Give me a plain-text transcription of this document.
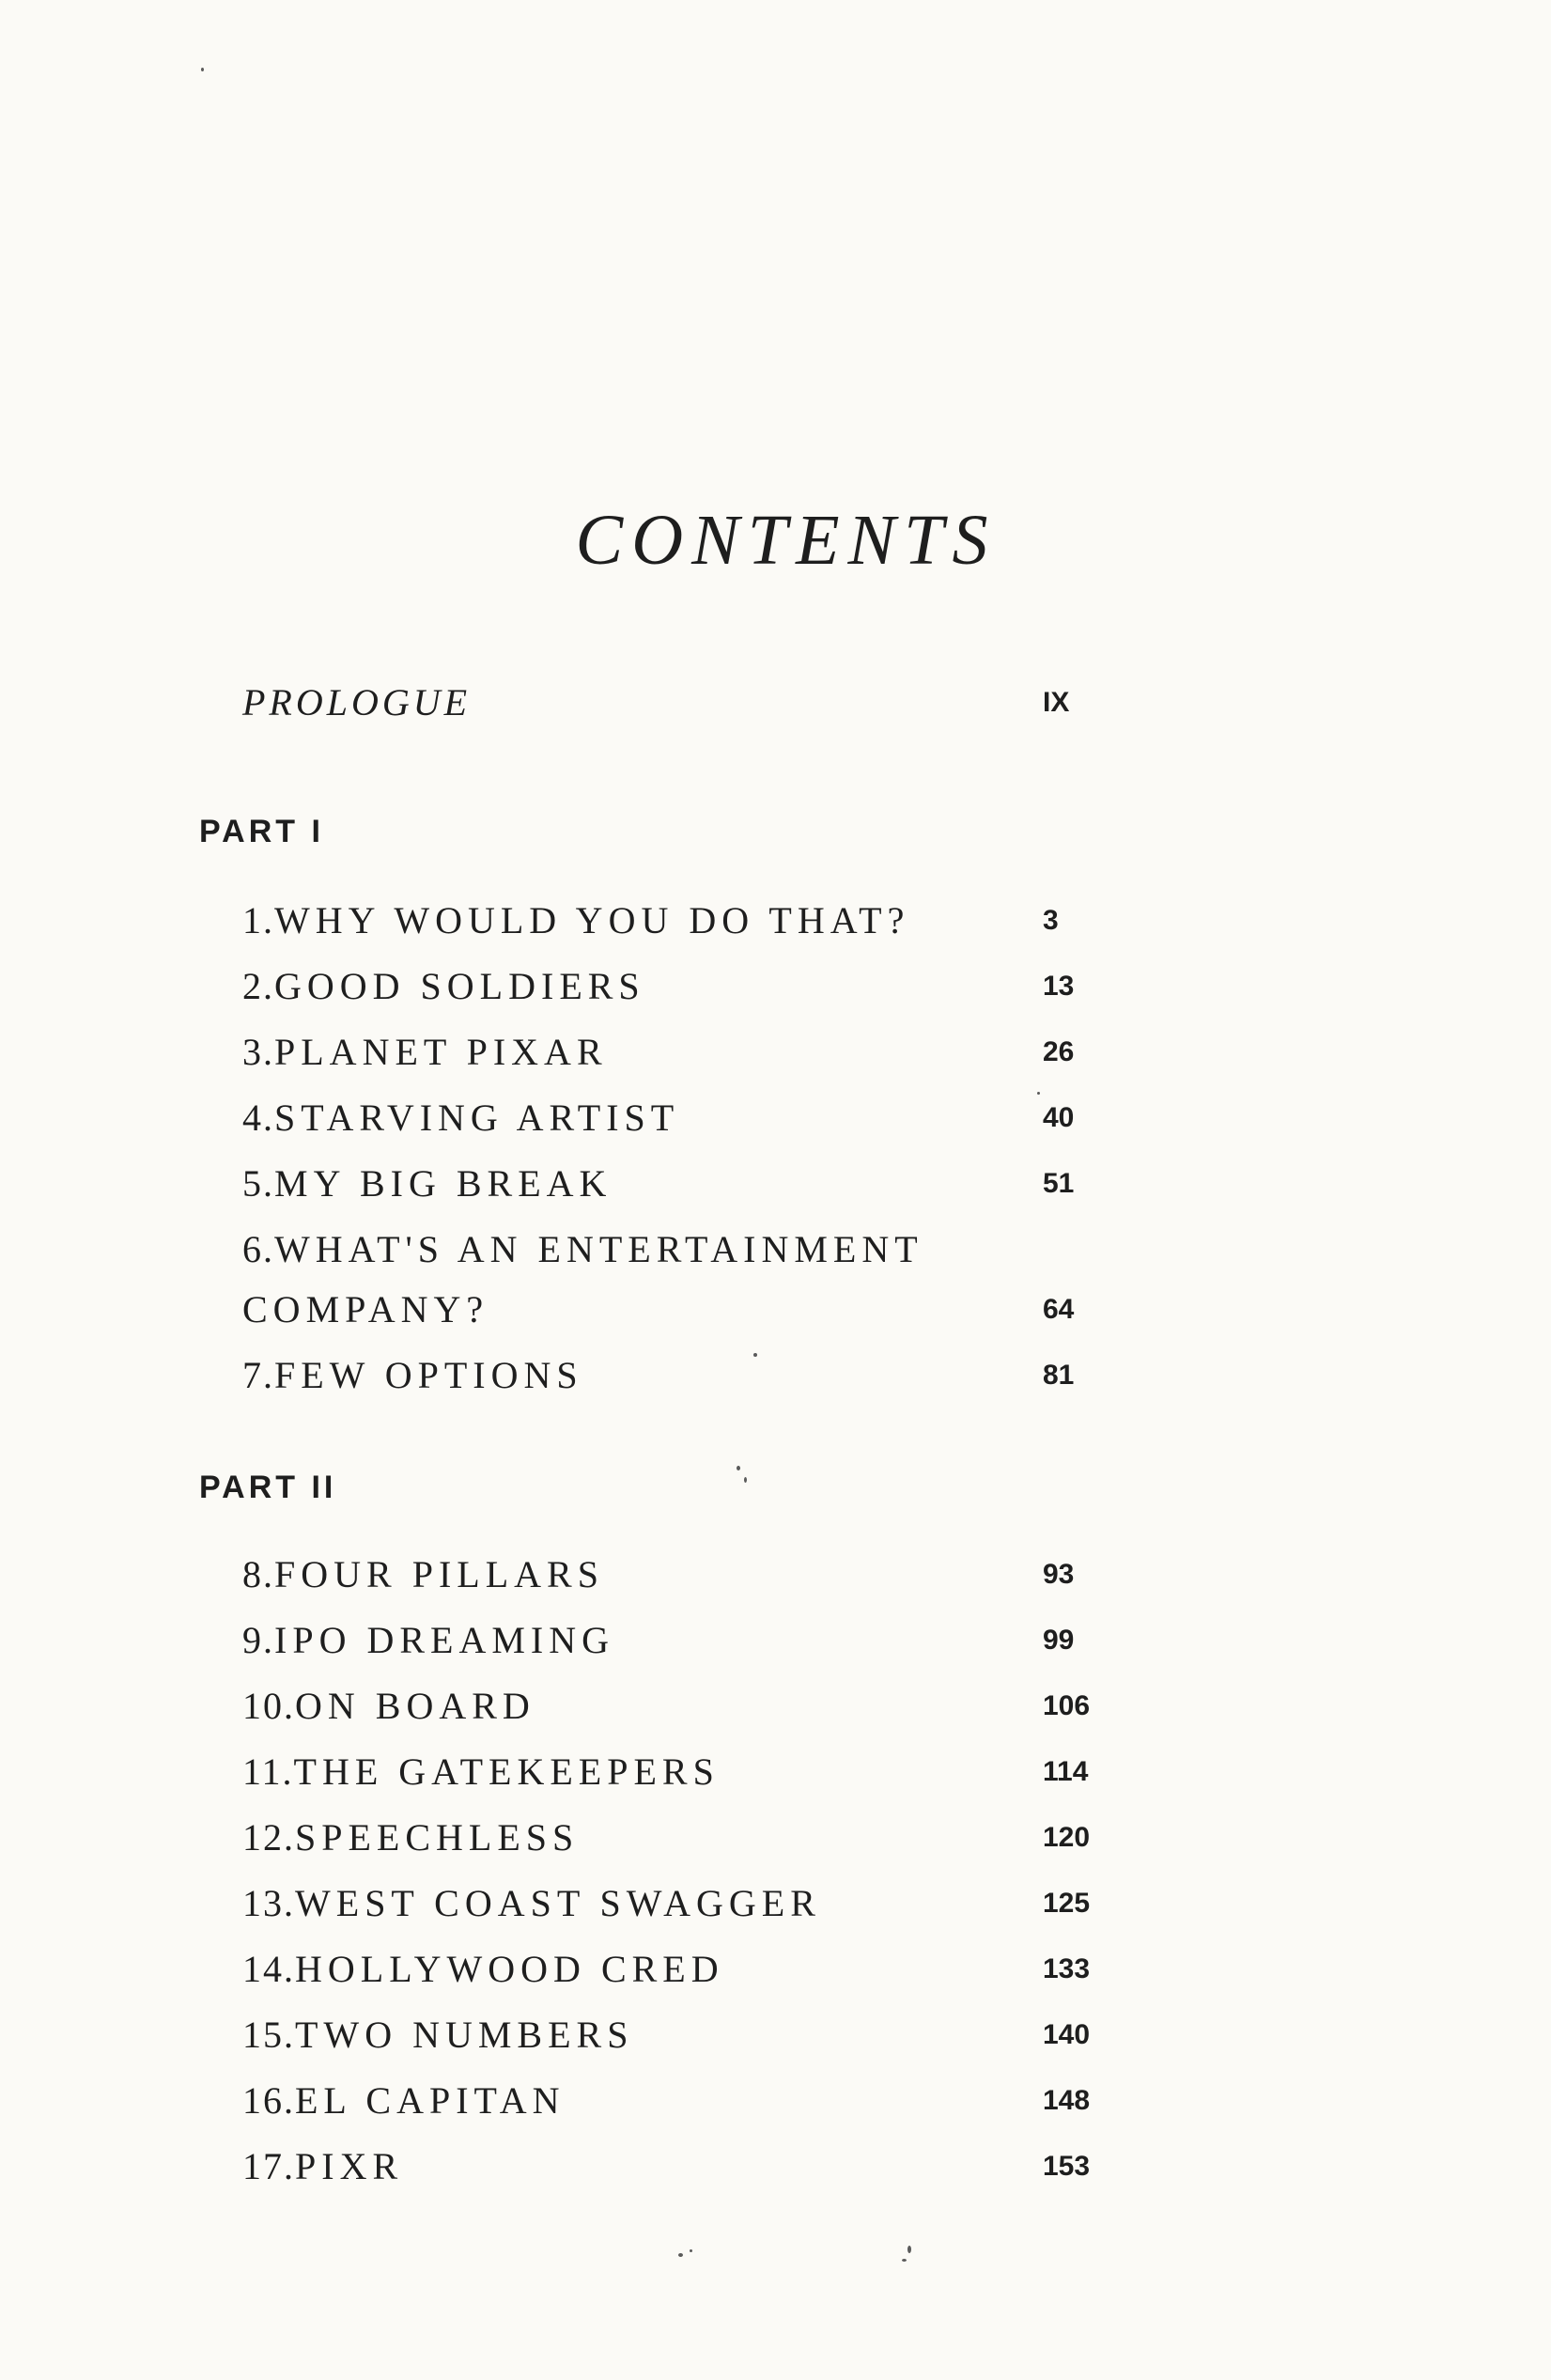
CONTENTS
PROLOGUE	IX
PART I
1.WHY WOULD YOU DO THAT?	3
2.GOOD SOLDIERS	13
3.PLANET PIXAR	26
4.STARVING ARTIST	40
5.MY BIG BREAK	51
6.WHAT'S AN ENTERTAINMENT
COMPANY?	64
7.FEW OPTIONS	81
PART II
8.FOUR PILLARS	93
9.IPO DREAMING	99
10.ON BOARD	106
11.THE GATEKEEPERS	114
12.SPEECHLESS	120
13.WEST COAST SWAGGER	125
14.HOLLYWOOD CRED	133
15.TWO NUMBERS	140
16.EL CAPITAN	148
17.PIXR	153
